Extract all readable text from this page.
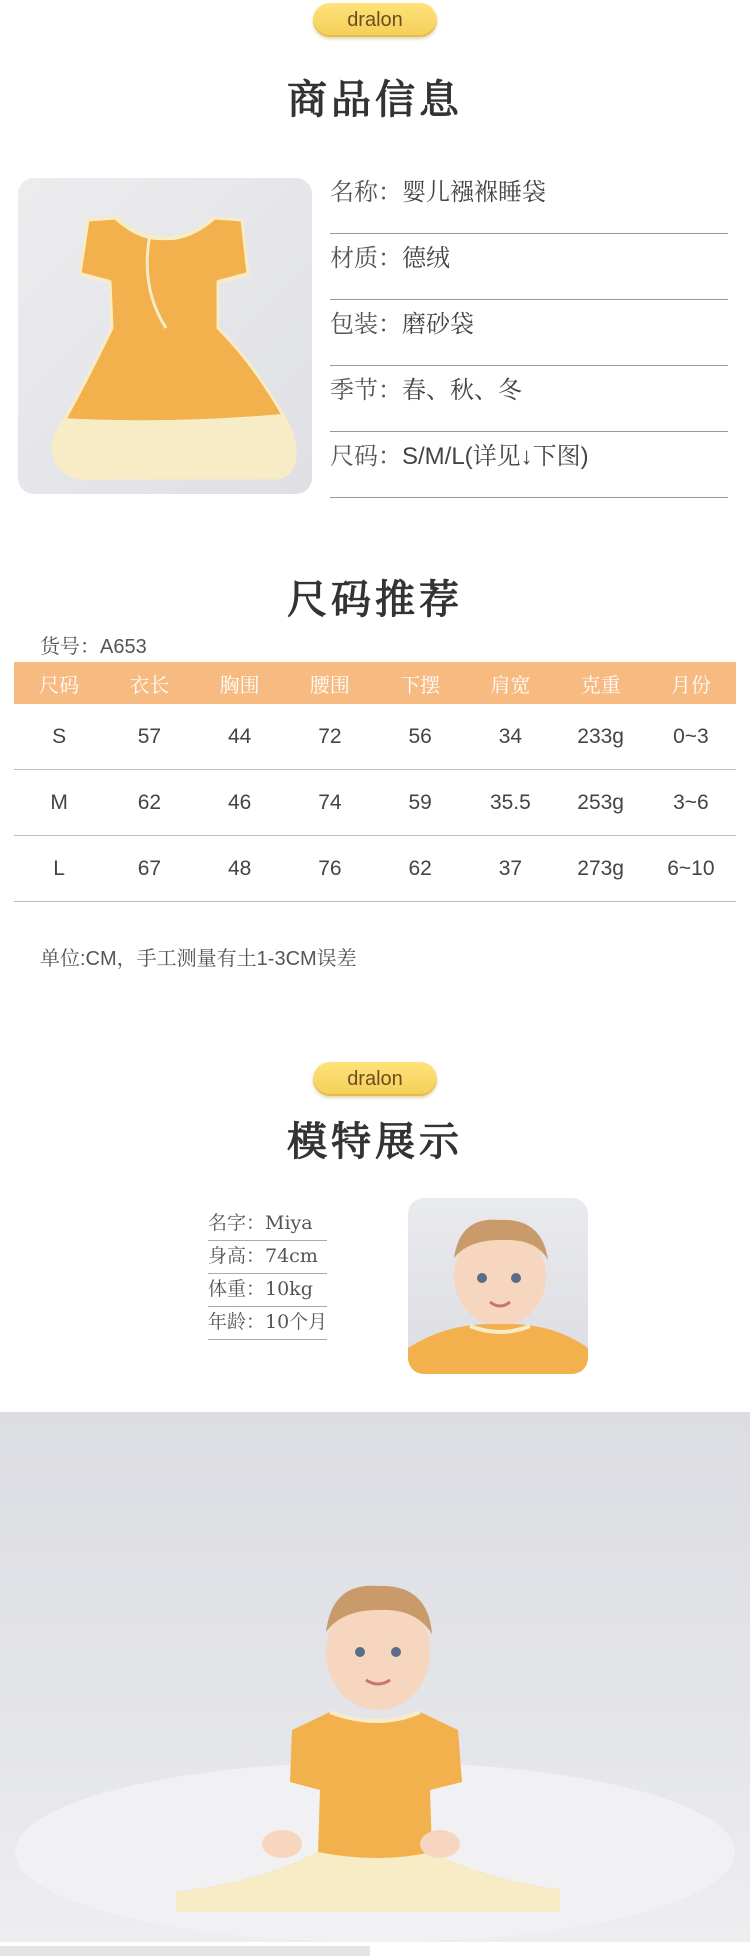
dralon
商品信息
名称：婴儿襁褓睡袋
材质：德绒
包装：磨砂袋
季节：春、秋、冬
尺码：S/M/L(详见↓下图)
尺码推荐
货号：A653
尺码	衣长	胸围	腰围	下摆	肩宽	克重	月份
S	57	44	72	56	34	233g	0~3
M	62	46	74	59	35.5	253g	3~6
L	67	48	76	62	37	273g	6~10
单位:CM，手工测量有土1-3CM误差
dralon
模特展示
名字：Miya
身高：74cm
体重：10kg
年龄：10个月
